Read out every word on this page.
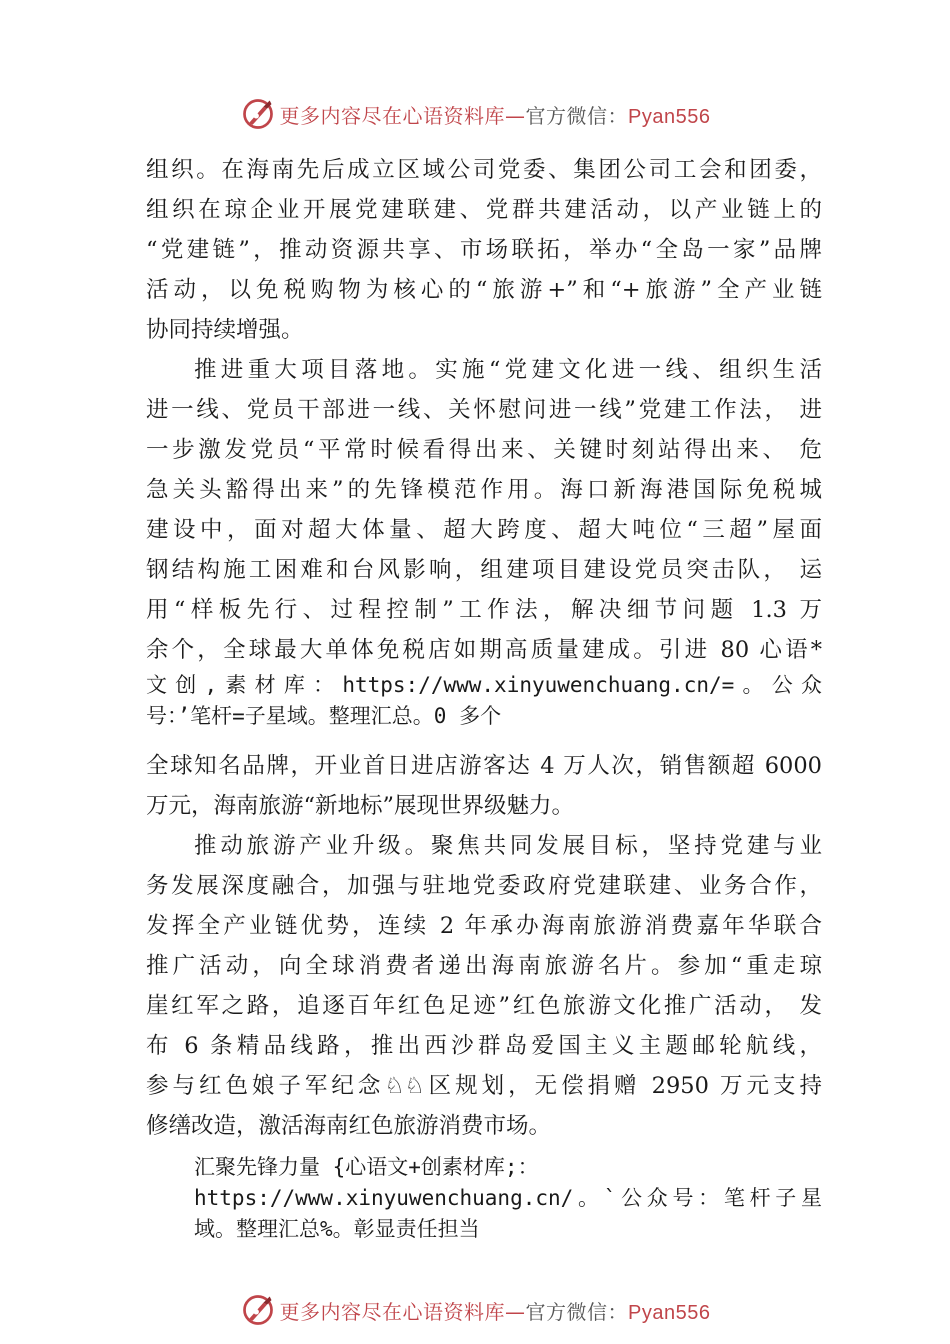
更多内容尽在心语资料库—官方微信：Pyan556
组织。在海南先后成立区域公司党委、集团公司工会和团委，
组织在琼企业开展党建联建、党群共建活动，以产业链上的
“党建链”，推动资源共享、市场联拓，举办“全岛一家”品牌
活动，以免税购物为核心的“旅游+”和“+旅游”全产业链
协同持续增强。
推进重大项目落地。实施“党建文化进一线、组织生活
进一线、党员干部进一线、关怀慰问进一线”党建工作法， 进
一步激发党员“平常时候看得出来、关键时刻站得出来、 危
急关头豁得出来”的先锋模范作用。海口新海港国际免税城
建设中，面对超大体量、超大跨度、超大吨位“三超”屋面
钢结构施工困难和台风影响，组建项目建设党员突击队， 运
用“样板先行、过程控制”工作法，解决细节问题 1.3 万
余个，全球最大单体免税店如期高质量建成。引进 80 心语*
文创,素材库：https://www.xinyuwenchuang.cn/=。公众
号：’笔杆=子星域。整理汇总。0 多个
全球知名品牌，开业首日进店游客达 4 万人次，销售额超 6000
万元，海南旅游“新地标”展现世界级魅力。
推动旅游产业升级。聚焦共同发展目标，坚持党建与业
务发展深度融合，加强与驻地党委政府党建联建、业务合作，
发挥全产业链优势，连续 2 年承办海南旅游消费嘉年华联合
推广活动，向全球消费者递出海南旅游名片。参加“重走琼
崖红军之路，追逐百年红色足迹”红色旅游文化推广活动， 发
布 6 条精品线路，推出西沙群岛爱国主义主题邮轮航线，
参与红色娘子军纪念♘♘区规划，无偿捐赠 2950 万元支持
修缮改造，激活海南红色旅游消费市场。
汇聚先锋力量 {心语文+创素材库;：
https://www.xinyuwenchuang.cn/。`公众号：笔杆子星
域。整理汇总%。彰显责任担当
更多内容尽在心语资料库—官方微信：Pyan556
